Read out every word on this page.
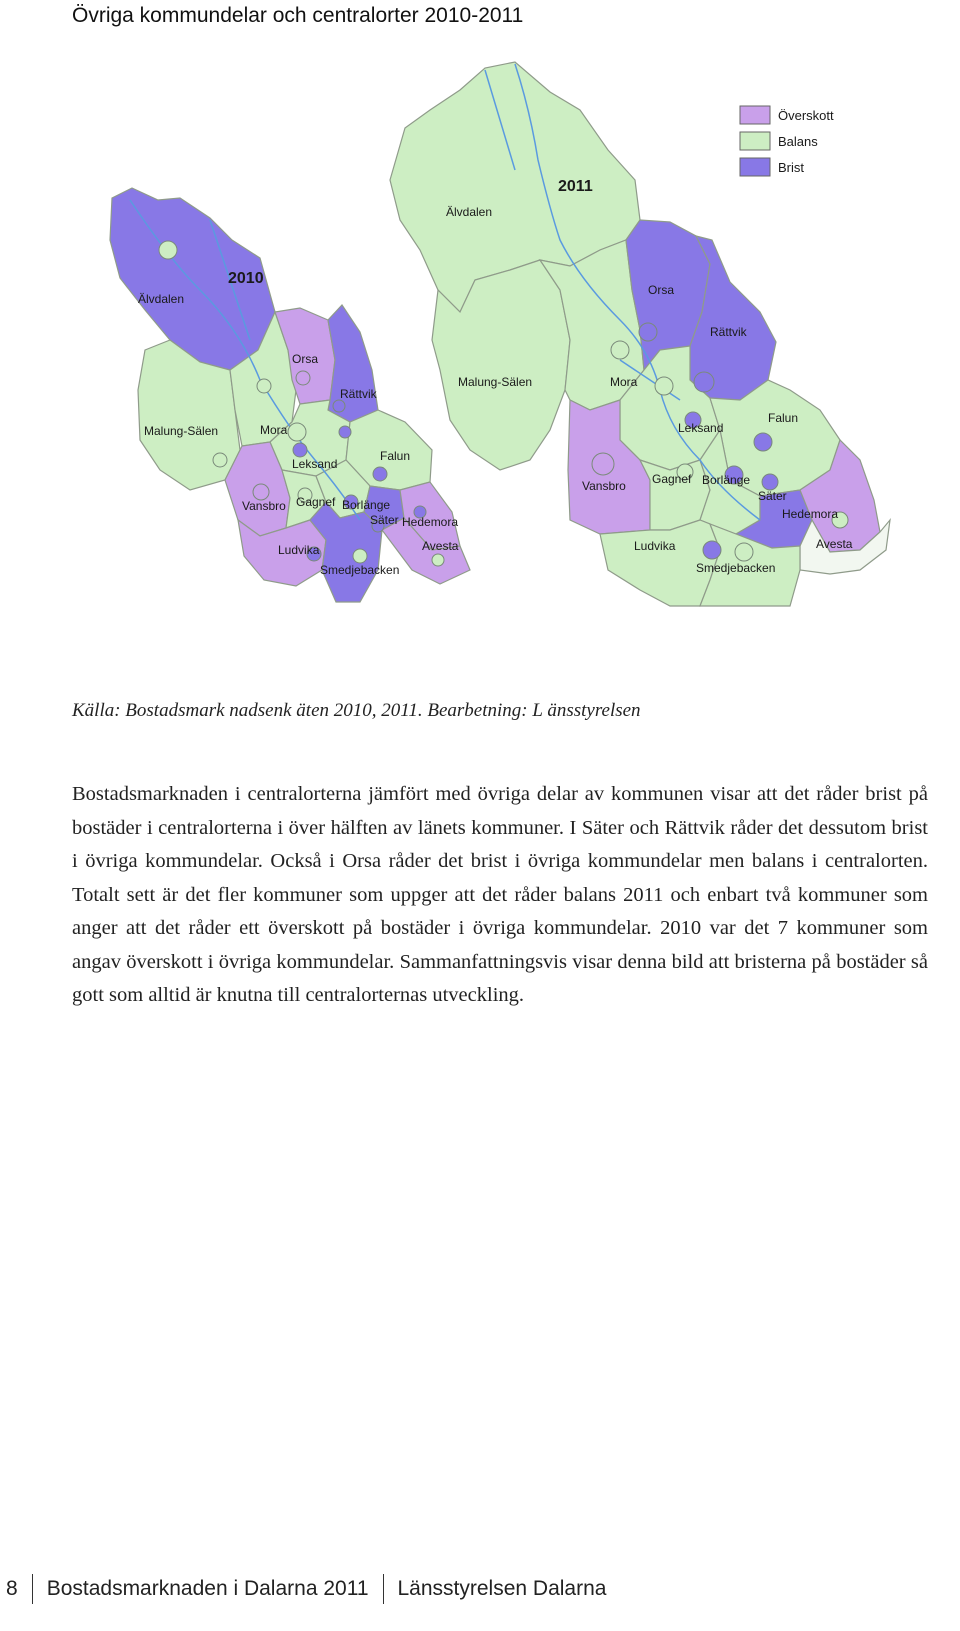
Övriga kommundelar och centralorter 2010-2011
2010
Älvdalen
Orsa
Rättvik
Malung-Sälen	Mora
Leksand
Falun
Vansbro Gagnef Borlänge
Säter Hedemora
Ludvika	Avesta
Smedjebacken
2011
Älvdalen
Orsa
Rättvik
Malung-Sälen	Mora
Leksand
Falun
Vansbro Gagnef Borlänge
Säter
Hedemora
Ludvika	Avesta
Smedjebacken
Överskott
Balans
Brist
Källa: Bostadsmark nadsenk äten 2010, 2011. Bearbetning: L änsstyrelsen

Bostadsmarknaden i centralorterna jämfört med övriga delar av kommunen visar att det råder brist på bostäder i centralorterna i över hälften av länets kommuner. I Säter och Rättvik råder det dessutom brist i övriga kommundelar. Också i Orsa råder det brist i övriga kommundelar men balans i centralorten. Totalt sett är det fler kommuner som uppger att det råder balans 2011 och enbart två kommuner som anger att det råder ett överskott på bostäder i övriga kommundelar. 2010 var det 7 kommuner som angav överskott i övriga kommundelar. Sammanfattningsvis visar denna bild att bristerna på bostäder så gott som alltid är knutna till centralorternas utveckling.

8 Bostadsmarknaden i Dalarna 2011 Länsstyrelsen Dalarna
